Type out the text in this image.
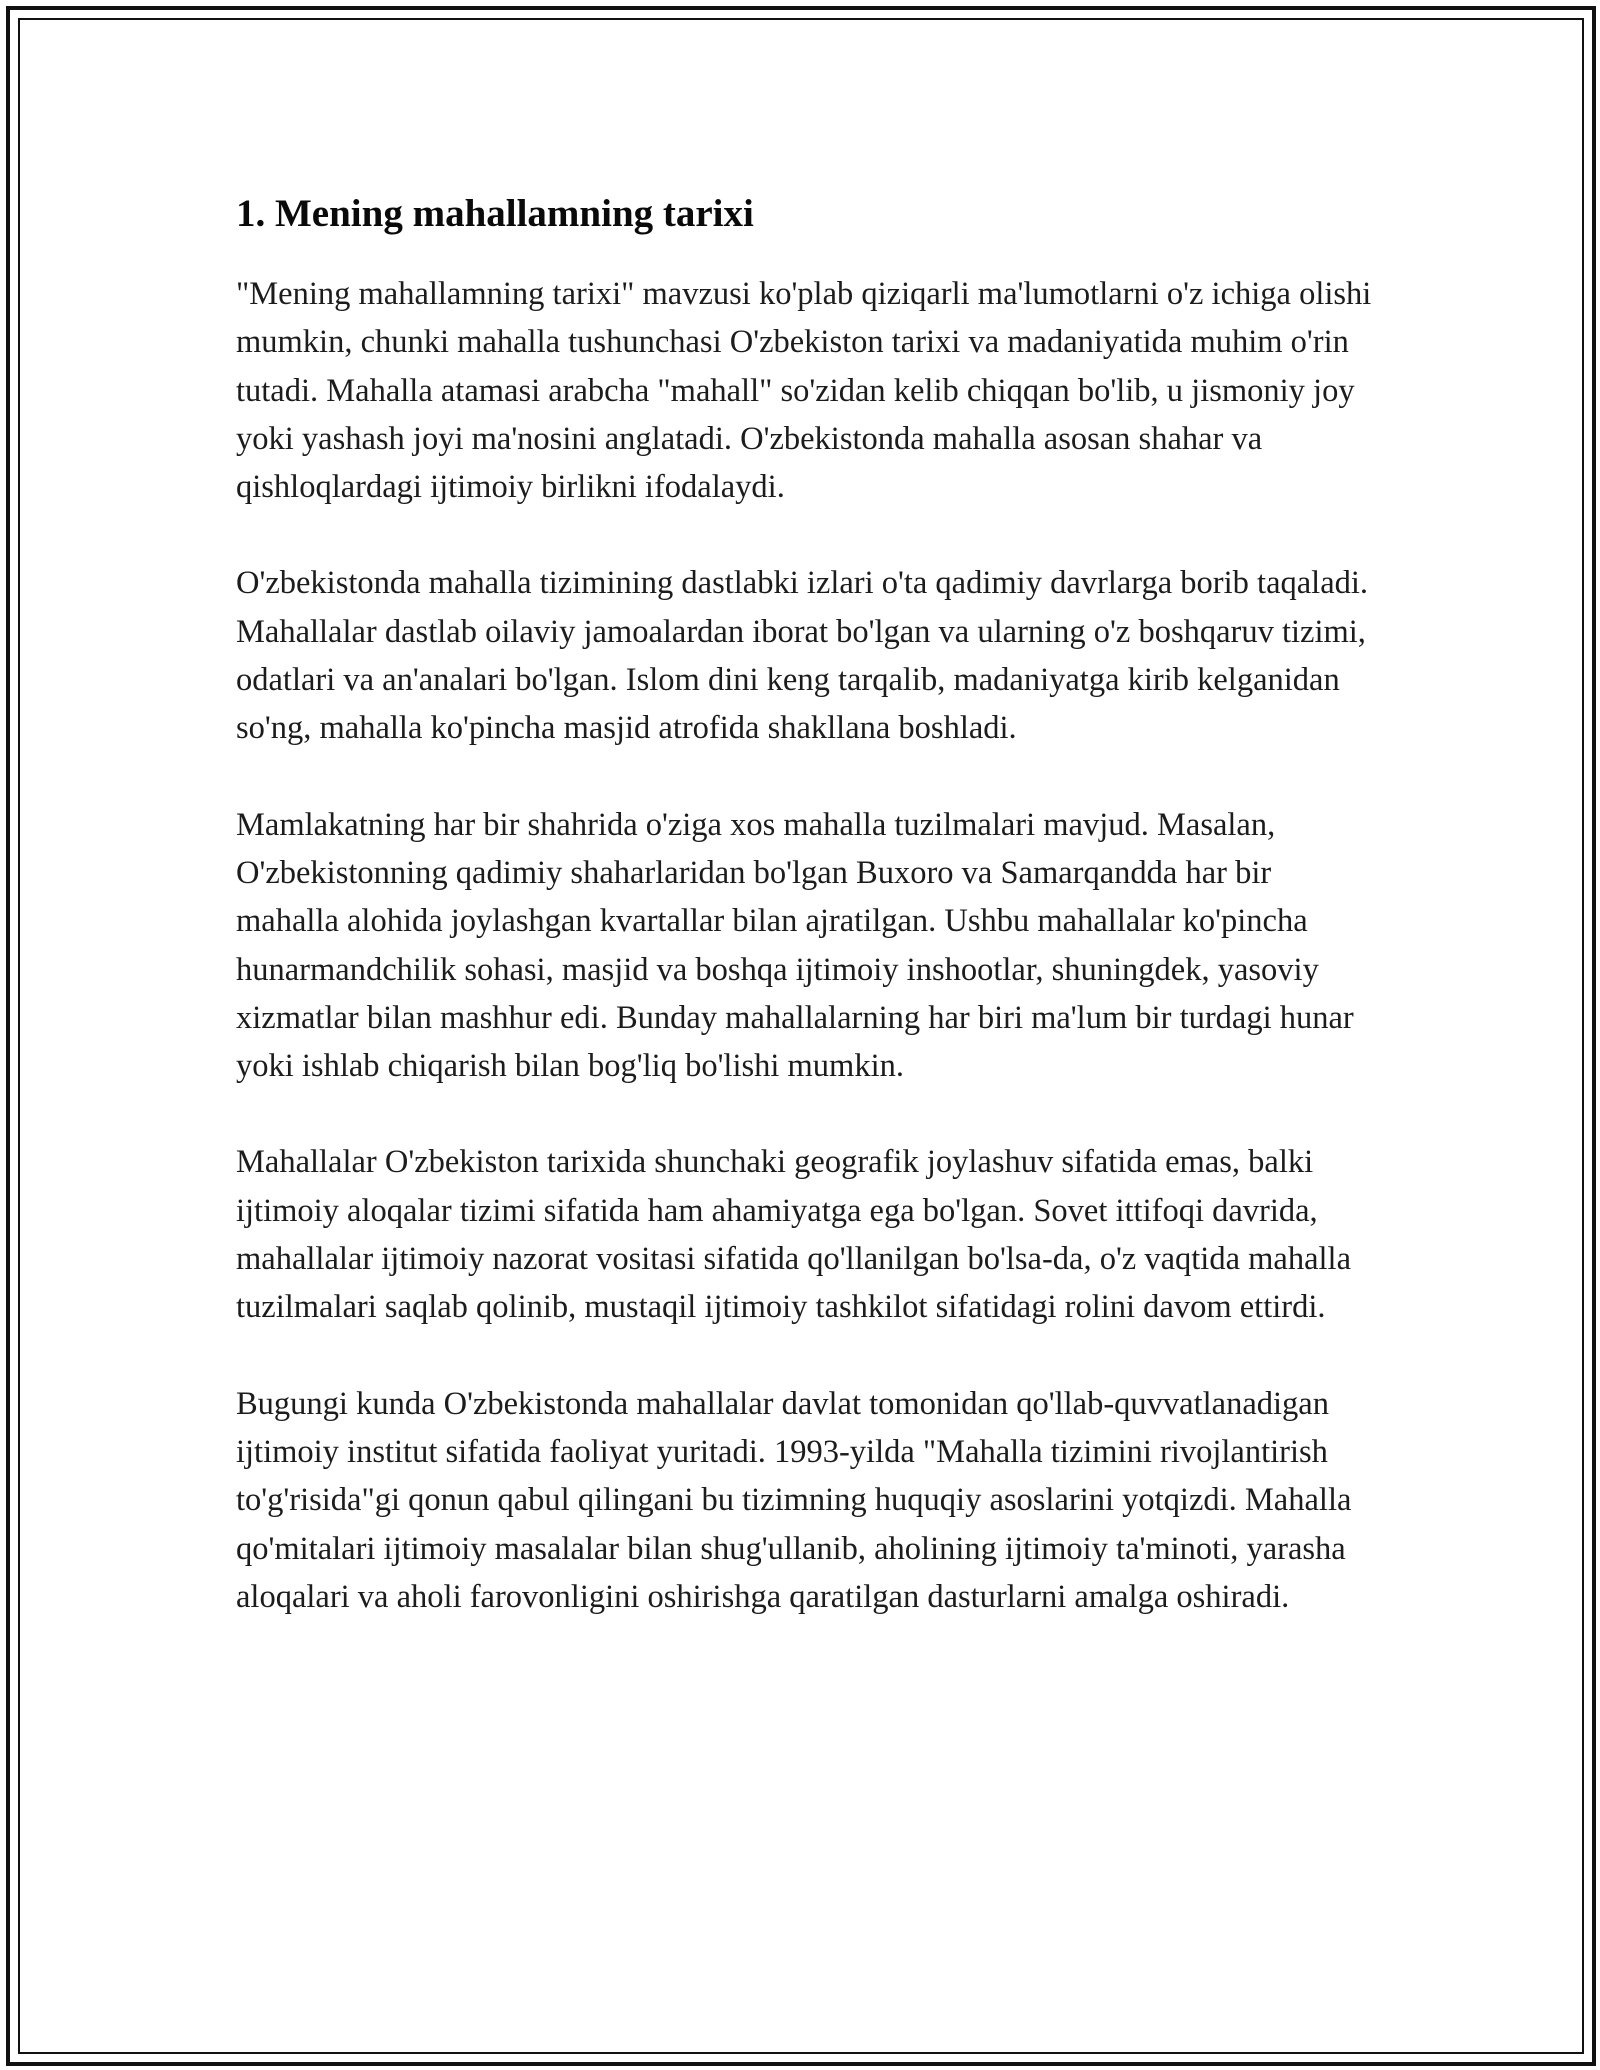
1. Mening mahallamning tarixi

"Mening mahallamning tarixi" mavzusi ko'plab qiziqarli ma'lumotlarni o'z ichiga olishi mumkin, chunki mahalla tushunchasi O'zbekiston tarixi va madaniyatida muhim o'rin tutadi. Mahalla atamasi arabcha "mahall" so'zidan kelib chiqqan bo'lib, u jismoniy joy yoki yashash joyi ma'nosini anglatadi. O'zbekistonda mahalla asosan shahar va qishloqlardagi ijtimoiy birlikni ifodalaydi.

O'zbekistonda mahalla tizimining dastlabki izlari o'ta qadimiy davrlarga borib taqaladi. Mahallalar dastlab oilaviy jamoalardan iborat bo'lgan va ularning o'z boshqaruv tizimi, odatlari va an'analari bo'lgan. Islom dini keng tarqalib, madaniyatga kirib kelganidan so'ng, mahalla ko'pincha masjid atrofida shakllana boshladi.

Mamlakatning har bir shahrida o'ziga xos mahalla tuzilmalari mavjud. Masalan, O'zbekistonning qadimiy shaharlaridan bo'lgan Buxoro va Samarqandda har bir mahalla alohida joylashgan kvartallar bilan ajratilgan. Ushbu mahallalar ko'pincha hunarmandchilik sohasi, masjid va boshqa ijtimoiy inshootlar, shuningdek, yasoviy xizmatlar bilan mashhur edi. Bunday mahallalarning har biri ma'lum bir turdagi hunar yoki ishlab chiqarish bilan bog'liq bo'lishi mumkin.

Mahallalar O'zbekiston tarixida shunchaki geografik joylashuv sifatida emas, balki ijtimoiy aloqalar tizimi sifatida ham ahamiyatga ega bo'lgan. Sovet ittifoqi davrida, mahallalar ijtimoiy nazorat vositasi sifatida qo'llanilgan bo'lsa-da, o'z vaqtida mahalla tuzilmalari saqlab qolinib, mustaqil ijtimoiy tashkilot sifatidagi rolini davom ettirdi.

Bugungi kunda O'zbekistonda mahallalar davlat tomonidan qo'llab-quvvatlanadigan ijtimoiy institut sifatida faoliyat yuritadi. 1993-yilda "Mahalla tizimini rivojlantirish to'g'risida"gi qonun qabul qilingani bu tizimning huquqiy asoslarini yotqizdi. Mahalla qo'mitalari ijtimoiy masalalar bilan shug'ullanib, aholining ijtimoiy ta'minoti, yarasha aloqalari va aholi farovonligini oshirishga qaratilgan dasturlarni amalga oshiradi.
